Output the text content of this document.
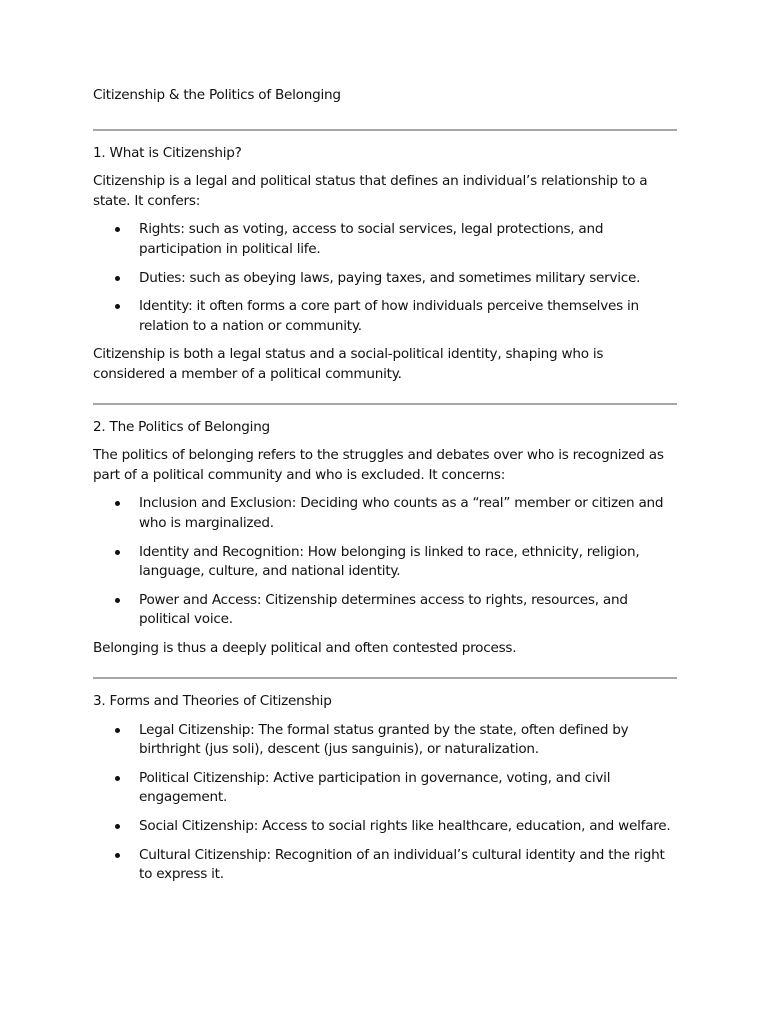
Citizenship & the Politics of Belonging

1. What is Citizenship?

Citizenship is a legal and political status that defines an individual’s relationship to a state. It confers:

Rights: such as voting, access to social services, legal protections, and participation in political life.
Duties: such as obeying laws, paying taxes, and sometimes military service.
Identity: it often forms a core part of how individuals perceive themselves in relation to a nation or community.

Citizenship is both a legal status and a social-political identity, shaping who is considered a member of a political community.

2. The Politics of Belonging

The politics of belonging refers to the struggles and debates over who is recognized as part of a political community and who is excluded. It concerns:

Inclusion and Exclusion: Deciding who counts as a “real” member or citizen and who is marginalized.
Identity and Recognition: How belonging is linked to race, ethnicity, religion, language, culture, and national identity.
Power and Access: Citizenship determines access to rights, resources, and political voice.

Belonging is thus a deeply political and often contested process.

3. Forms and Theories of Citizenship

Legal Citizenship: The formal status granted by the state, often defined by birthright (jus soli), descent (jus sanguinis), or naturalization.
Political Citizenship: Active participation in governance, voting, and civil engagement.
Social Citizenship: Access to social rights like healthcare, education, and welfare.
Cultural Citizenship: Recognition of an individual’s cultural identity and the right to express it.
